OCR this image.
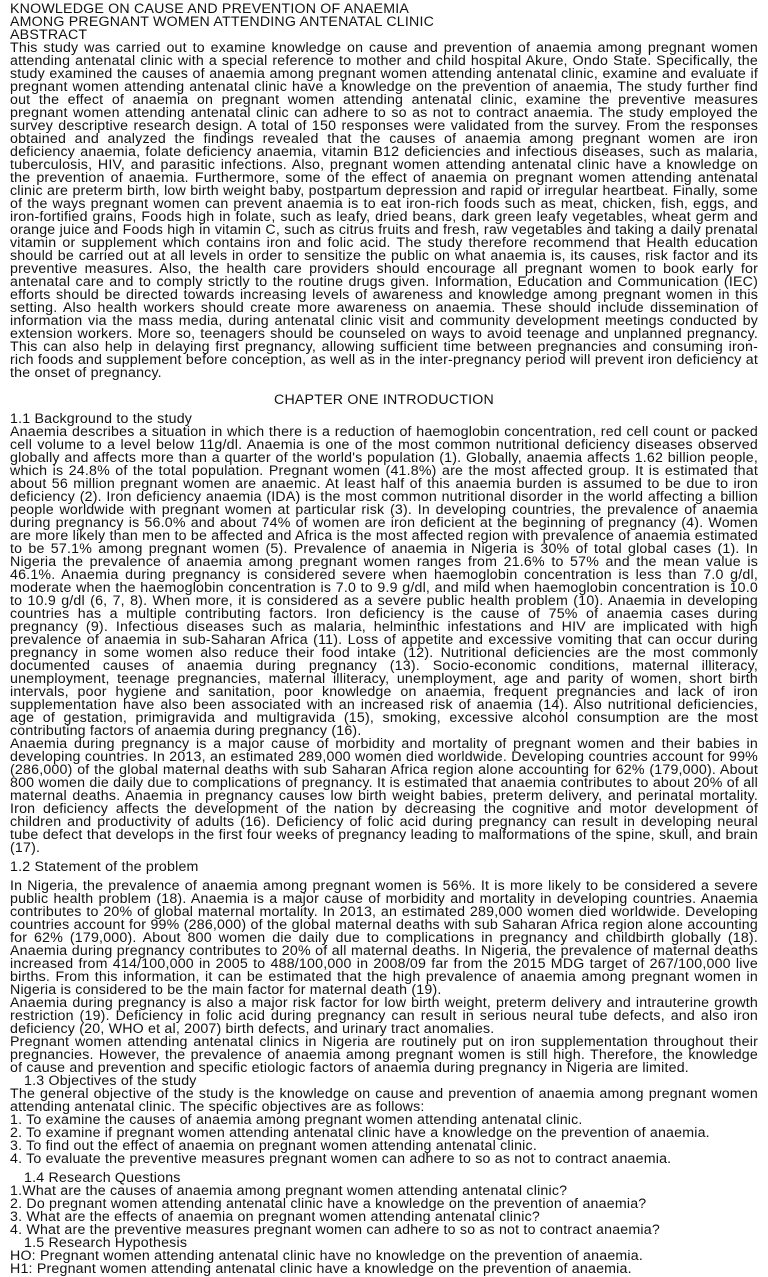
KNOWLEDGE ON CAUSE AND PREVENTION OF ANAEMIA

AMONG PREGNANT WOMEN ATTENDING ANTENATAL CLINIC

ABSTRACT

This study was carried out to examine knowledge on cause and prevention of anaemia among pregnant women attending antenatal clinic with a special reference to mother and child hospital Akure, Ondo State. Specifically, the study examined the causes of anaemia among pregnant women attending antenatal clinic, examine and evaluate if pregnant women attending antenatal clinic have a knowledge on the prevention of anaemia, The study further find out the effect of anaemia on pregnant women attending antenatal clinic, examine the preventive measures pregnant women attending antenatal clinic can adhere to so as not to contract anaemia. The study employed the survey descriptive research design. A total of 150 responses were validated from the survey. From the responses obtained and analyzed the findings revealed that the causes of anaemia among pregnant women are iron deficiency anaemia, folate deficiency anaemia, vitamin B12 deficiencies and infectious diseases, such as malaria, tuberculosis, HIV, and parasitic infections. Also, pregnant women attending antenatal clinic have a knowledge on the prevention of anaemia. Furthermore, some of the effect of anaemia on pregnant women attending antenatal clinic are preterm birth, low birth weight baby, postpartum depression and rapid or irregular heartbeat. Finally, some of the ways pregnant women can prevent anaemia is to eat iron-rich foods such as meat, chicken, fish, eggs, and iron-fortified grains, Foods high in folate, such as leafy, dried beans, dark green leafy vegetables, wheat germ and orange juice and Foods high in vitamin C, such as citrus fruits and fresh, raw vegetables and taking a daily prenatal vitamin or supplement which contains iron and folic acid. The study therefore recommend that Health education should be carried out at all levels in order to sensitize the public on what anaemia is, its causes, risk factor and its preventive measures. Also, the health care providers should encourage all pregnant women to book early for antenatal care and to comply strictly to the routine drugs given. Information, Education and Communication (IEC) efforts should be directed towards increasing levels of awareness and knowledge among pregnant women in this setting. Also health workers should create more awareness on anaemia. These should include dissemination of information via the mass media, during antenatal clinic visit and community development meetings conducted by extension workers. More so, teenagers should be counseled on ways to avoid teenage and unplanned pregnancy. This can also help in delaying first pregnancy, allowing sufficient time between pregnancies and consuming iron-rich foods and supplement before conception, as well as in the inter-pregnancy period will prevent iron deficiency at the onset of pregnancy.

CHAPTER ONE INTRODUCTION

1.1 Background to the study

Anaemia describes a situation in which there is a reduction of haemoglobin concentration, red cell count or packed cell volume to a level below 11g/dl. Anaemia is one of the most common nutritional deficiency diseases observed globally and affects more than a quarter of the world's population (1). Globally, anaemia affects 1.62 billion people, which is 24.8% of the total population. Pregnant women (41.8%) are the most affected group. It is estimated that about 56 million pregnant women are anaemic. At least half of this anaemia burden is assumed to be due to iron deficiency (2). Iron deficiency anaemia (IDA) is the most common nutritional disorder in the world affecting a billion people worldwide with pregnant women at particular risk (3). In developing countries, the prevalence of anaemia during pregnancy is 56.0% and about 74% of women are iron deficient at the beginning of pregnancy (4). Women are more likely than men to be affected and Africa is the most affected region with prevalence of anaemia estimated to be 57.1% among pregnant women (5). Prevalence of anaemia in Nigeria is 30% of total global cases (1). In Nigeria the prevalence of anaemia among pregnant women ranges from 21.6% to 57% and the mean value is 46.1%. Anaemia during pregnancy is considered severe when haemoglobin concentration is less than 7.0 g/dl, moderate when the haemoglobin concentration is 7.0 to 9.9 g/dl, and mild when haemoglobin concentration is 10.0 to 10.9 g/dl (6, 7, 8). When more, it is considered as a severe public health problem (10). Anaemia in developing countries has a multiple contributing factors. Iron deficiency is the cause of 75% of anaemia cases during pregnancy (9). Infectious diseases such as malaria, helminthic infestations and HIV are implicated with high prevalence of anaemia in sub-Saharan Africa (11). Loss of appetite and excessive vomiting that can occur during pregnancy in some women also reduce their food intake (12). Nutritional deficiencies are the most commonly documented causes of anaemia during pregnancy (13). Socio-economic conditions, maternal illiteracy, unemployment, teenage pregnancies, maternal illiteracy, unemployment, age and parity of women, short birth intervals, poor hygiene and sanitation, poor knowledge on anaemia, frequent pregnancies and lack of iron supplementation have also been associated with an increased risk of anaemia (14). Also nutritional deficiencies, age of gestation, primigravida and multigravida (15), smoking, excessive alcohol consumption are the most contributing factors of anaemia during pregnancy (16).

Anaemia during pregnancy is a major cause of morbidity and mortality of pregnant women and their babies in developing countries. In 2013, an estimated 289,000 women died worldwide. Developing countries account for 99% (286,000) of the global maternal deaths with sub Saharan Africa region alone accounting for 62% (179,000). About 800 women die daily due to complications of pregnancy. It is estimated that anaemia contributes to about 20% of all maternal deaths. Anaemia in pregnancy causes low birth weight babies, preterm delivery, and perinatal mortality. Iron deficiency affects the development of the nation by decreasing the cognitive and motor development of children and productivity of adults (16). Deficiency of folic acid during pregnancy can result in developing neural tube defect that develops in the first four weeks of pregnancy leading to malformations of the spine, skull, and brain (17).

1.2 Statement of the problem

In Nigeria, the prevalence of anaemia among pregnant women is 56%. It is more likely to be considered a severe public health problem (18). Anaemia is a major cause of morbidity and mortality in developing countries. Anaemia contributes to 20% of global maternal mortality. In 2013, an estimated 289,000 women died worldwide. Developing countries account for 99% (286,000) of the global maternal deaths with sub Saharan Africa region alone accounting for 62% (179,000). About 800 women die daily due to complications in pregnancy and childbirth globally (18). Anaemia during pregnancy contributes to 20% of all maternal deaths. In Nigeria, the prevalence of maternal deaths increased from 414/100,000 in 2005 to 488/100,000 in 2008/09 far from the 2015 MDG target of 267/100,000 live births. From this information, it can be estimated that the high prevalence of anaemia among pregnant women in Nigeria is considered to be the main factor for maternal death (19).

Anaemia during pregnancy is also a major risk factor for low birth weight, preterm delivery and intrauterine growth restriction (19). Deficiency in folic acid during pregnancy can result in serious neural tube defects, and also iron deficiency (20, WHO et al, 2007) birth defects, and urinary tract anomalies.

Pregnant women attending antenatal clinics in Nigeria are routinely put on iron supplementation throughout their pregnancies. However, the prevalence of anaemia among pregnant women is still high. Therefore, the knowledge of cause and prevention and specific etiologic factors of anaemia during pregnancy in Nigeria are limited.

1.3 Objectives of the study

The general objective of the study is the knowledge on cause and prevention of anaemia among pregnant women attending antenatal clinic. The specific objectives are as follows:

1. To examine the causes of anaemia among pregnant women attending antenatal clinic.

2. To examine if pregnant women attending antenatal clinic have a knowledge on the prevention of anaemia.

3. To find out the effect of anaemia on pregnant women attending antenatal clinic.

4. To evaluate the preventive measures pregnant women can adhere to so as not to contract anaemia.

1.4 Research Questions

1.What are the causes of anaemia among pregnant women attending antenatal clinic?

2. Do pregnant women attending antenatal clinic have a knowledge on the prevention of anaemia?

3. What are the effects of anaemia on pregnant women attending antenatal clinic?

4. What are the preventive measures pregnant women can adhere to so as not to contract anaemia?

1.5 Research Hypothesis

HO: Pregnant women attending antenatal clinic have no knowledge on the prevention of anaemia.

H1: Pregnant women attending antenatal clinic have a knowledge on the prevention of anaemia.
